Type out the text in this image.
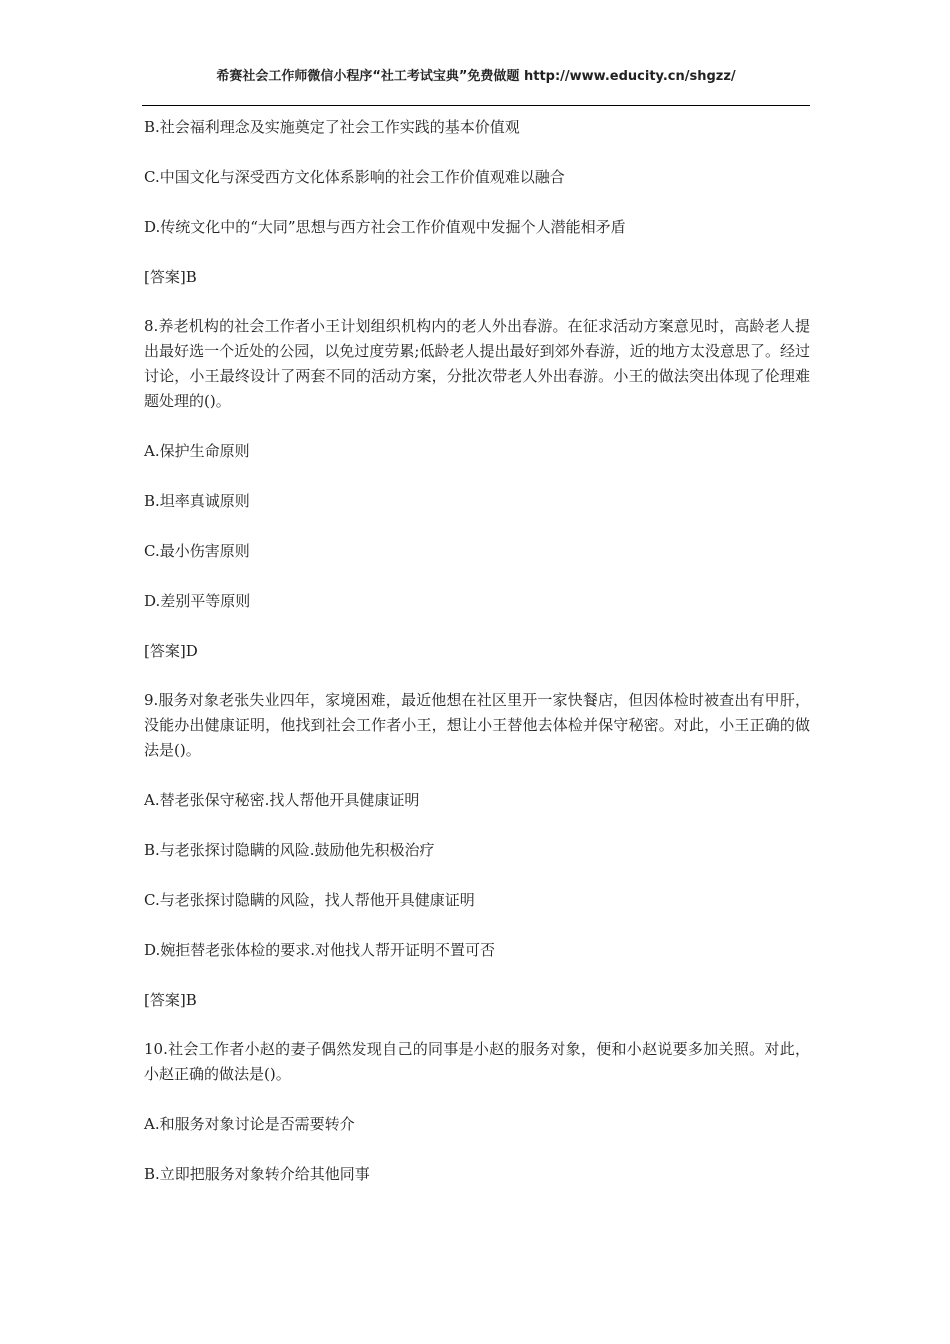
希赛社会工作师微信小程序“社工考试宝典”免费做题 http://www.educity.cn/shgzz/

B.社会福利理念及实施奠定了社会工作实践的基本价值观

C.中国文化与深受西方文化体系影响的社会工作价值观难以融合

D.传统文化中的“大同”思想与西方社会工作价值观中发掘个人潜能相矛盾

[答案]B

8.养老机构的社会工作者小王计划组织机构内的老人外出春游。在征求活动方案意见时，高龄老人提出最好选一个近处的公园，以免过度劳累;低龄老人提出最好到郊外春游，近的地方太没意思了。经过讨论，小王最终设计了两套不同的活动方案，分批次带老人外出春游。小王的做法突出体现了伦理难题处理的()。

A.保护生命原则

B.坦率真诚原则

C.最小伤害原则

D.差别平等原则

[答案]D

9.服务对象老张失业四年，家境困难，最近他想在社区里开一家快餐店，但因体检时被查出有甲肝，没能办出健康证明，他找到社会工作者小王，想让小王替他去体检并保守秘密。对此，小王正确的做法是()。

A.替老张保守秘密.找人帮他开具健康证明

B.与老张探讨隐瞒的风险.鼓励他先积极治疗

C.与老张探讨隐瞒的风险，找人帮他开具健康证明

D.婉拒替老张体检的要求.对他找人帮开证明不置可否

[答案]B

10.社会工作者小赵的妻子偶然发现自己的同事是小赵的服务对象，便和小赵说要多加关照。对此，小赵正确的做法是()。

A.和服务对象讨论是否需要转介

B.立即把服务对象转介给其他同事
